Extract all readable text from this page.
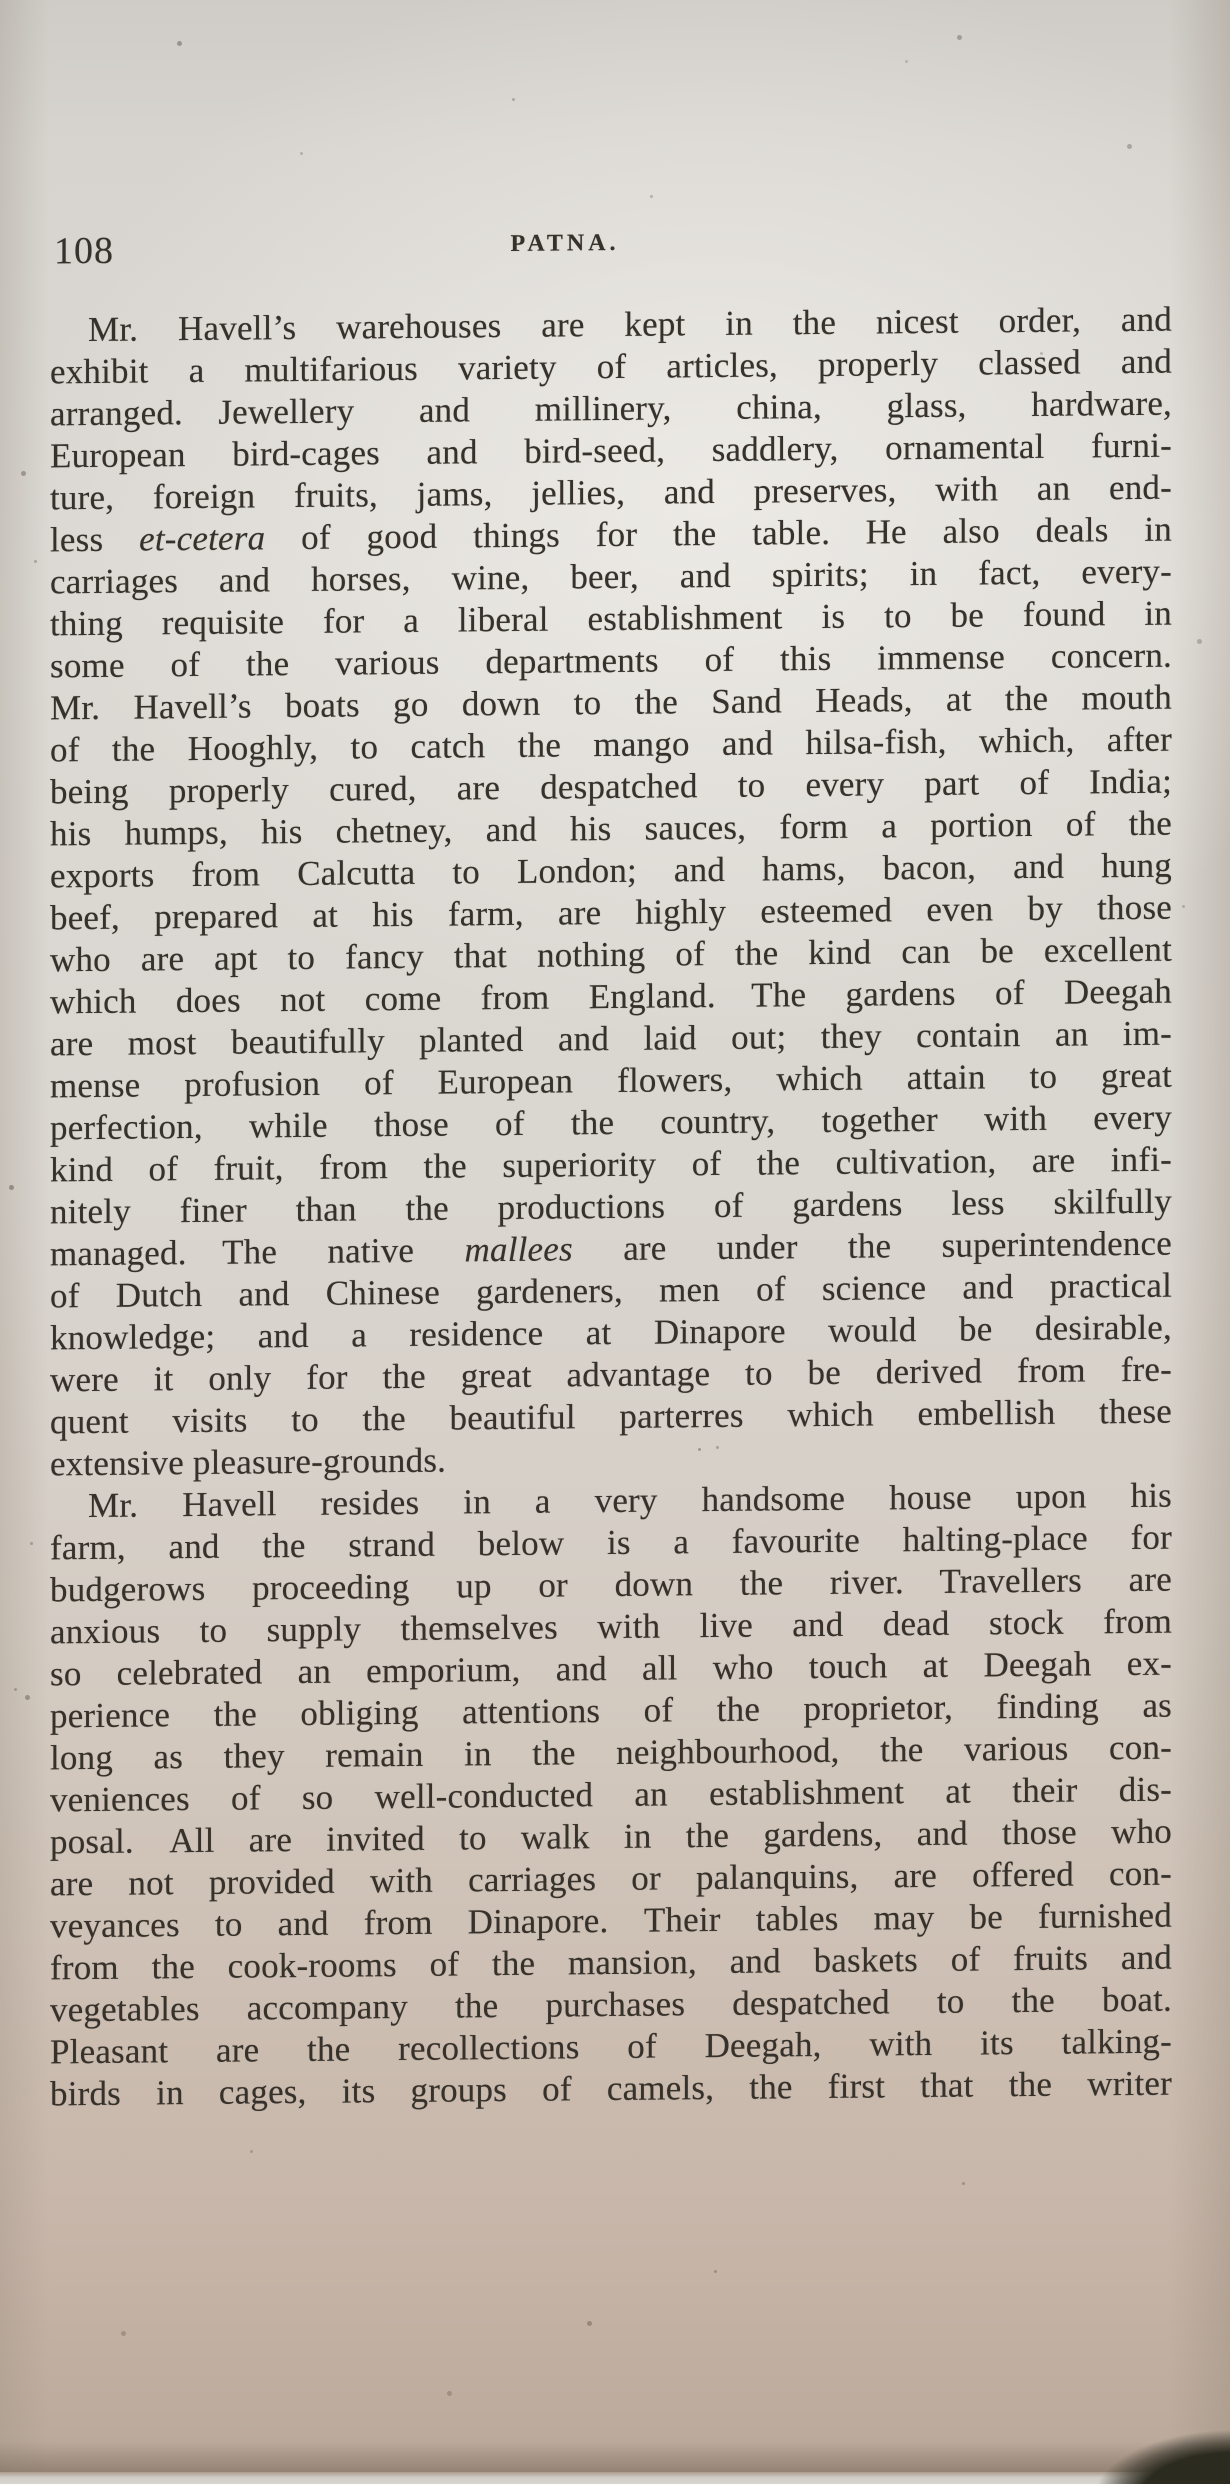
108	PATNA.
Mr. Havell’s warehouses are kept in the nicest order, and
exhibit a multifarious variety of articles, properly classed and
arranged.  Jewellery and millinery, china, glass, hardware,
European bird-cages and bird-seed, saddlery, ornamental furni-
ture, foreign fruits, jams, jellies, and preserves, with an end-
less et-cetera of good things for the table.  He also deals in
carriages and horses, wine, beer, and spirits; in fact, every-
thing requisite for a liberal establishment is to be found in
some of the various departments of this immense concern.
Mr. Havell’s boats go down to the Sand Heads, at the mouth
of the Hooghly, to catch the mango and hilsa-fish, which, after
being properly cured, are despatched to every part of India;
his humps, his chetney, and his sauces, form a portion of the
exports from Calcutta to London; and hams, bacon, and hung
beef, prepared at his farm, are highly esteemed even by those
who are apt to fancy that nothing of the kind can be excellent
which does not come from England.  The gardens of Deegah
are most beautifully planted and laid out; they contain an im-
mense profusion of European flowers, which attain to great
perfection, while those of the country, together with every
kind of fruit, from the superiority of the cultivation, are infi-
nitely finer than the productions of gardens less skilfully
managed.  The native mallees are under the superintendence
of Dutch and Chinese gardeners, men of science and practical
knowledge; and a residence at Dinapore would be desirable,
were it only for the great advantage to be derived from fre-
quent visits to the beautiful parterres which embellish these
extensive pleasure-grounds.
Mr. Havell resides in a very handsome house upon his
farm, and the strand below is a favourite halting-place for
budgerows proceeding up or down the river.  Travellers are
anxious to supply themselves with live and dead stock from
so celebrated an emporium, and all who touch at Deegah ex-
perience the obliging attentions of the proprietor, finding as
long as they remain in the neighbourhood, the various con-
veniences of so well-conducted an establishment at their dis-
posal.  All are invited to walk in the gardens, and those who
are not provided with carriages or palanquins, are offered con-
veyances to and from Dinapore.  Their tables may be furnished
from the cook-rooms of the mansion, and baskets of fruits and
vegetables accompany the purchases despatched to the boat.
Pleasant are the recollections of Deegah, with its talking-
birds in cages, its groups of camels, the first that the writer
